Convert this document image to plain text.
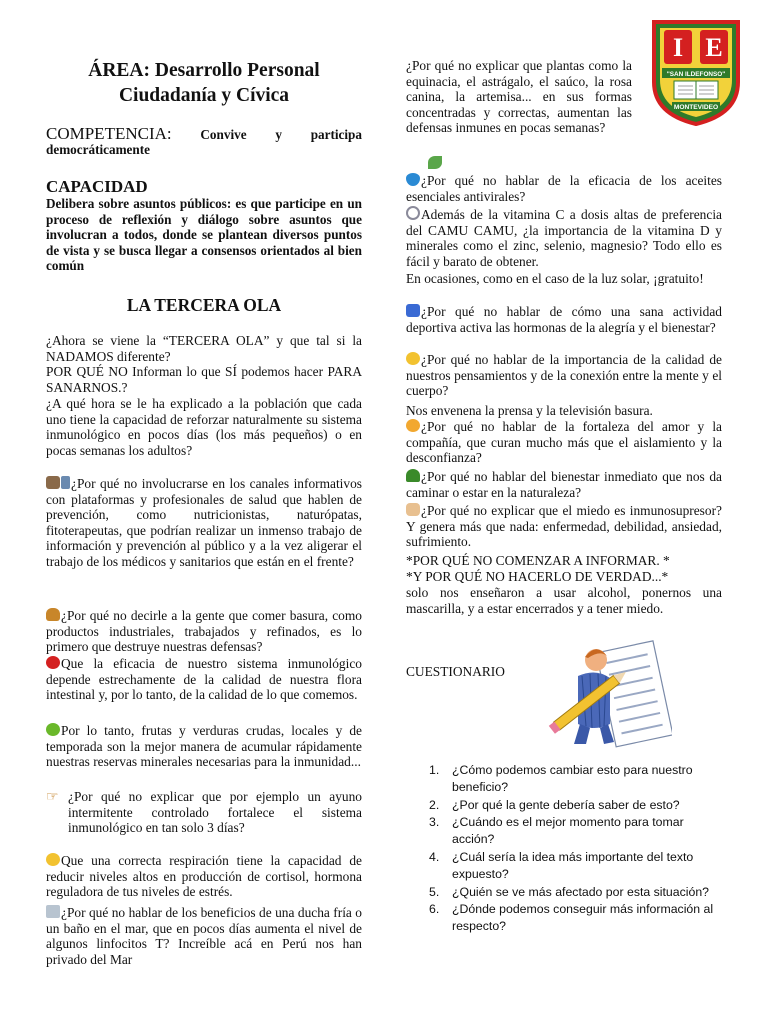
ÁREA: Desarrollo Personal
Ciudadanía y Cívica
COMPETENCIA: Convive y participa democráticamente
CAPACIDAD
Delibera sobre asuntos públicos: es que participe en un proceso de reflexión y diálogo sobre asuntos que involucran a todos, donde se plantean diversos puntos de vista y se busca llegar a consensos orientados al bien común
LA TERCERA OLA

¿Ahora se viene la “TERCERA OLA” y que tal si la NADAMOS diferente?

POR QUÉ NO Informan lo que SÍ podemos hacer PARA SANARNOS.?

¿A qué hora se le ha explicado a la población que cada uno tiene la capacidad de reforzar naturalmente su sistema inmunológico en pocos días (los más pequeños) o en pocas semanas los adultos?

¿Por qué no involucrarse en los canales informativos con plataformas y profesionales de salud que hablen de prevención, como nutricionistas, naturópatas, fitoterapeutas, que podrían realizar un inmenso trabajo de información y prevención al público y a la vez aligerar el trabajo de los médicos y sanitarios que están en el frente?

¿Por qué no decirle a la gente que comer basura, como productos industriales, trabajados y refinados, es lo primero que destruye nuestras defensas?

Que la eficacia de nuestro sistema inmunológico depende estrechamente de la calidad de nuestra flora intestinal y, por lo tanto, de la calidad de lo que comemos.

Por lo tanto, frutas y verduras crudas, locales y de temporada son la mejor manera de acumular rápidamente nuestras reservas minerales necesarias para la inmunidad...

☞ ¿Por qué no explicar que por ejemplo un ayuno intermitente controlado fortalece el sistema inmunológico en tan solo 3 días?

Que una correcta respiración tiene la capacidad de reducir niveles altos en producción de cortisol, hormona reguladora de tus niveles de estrés.

¿Por qué no hablar de los beneficios de una ducha fría o un baño en el mar, que en pocos días aumenta el nivel de algunos linfocitos T? Increíble acá en Perú nos han privado del Mar

I E
"SAN ILDEFONSO"
MONTEVIDEO

¿Por qué no explicar que plantas como la equinacia, el astrágalo, el saúco, la rosa canina, la artemisa... en sus formas concentradas y correctas, aumentan las defensas inmunes en pocas semanas?

¿Por qué no hablar de la eficacia de los aceites esenciales antivirales?

Además de la vitamina C a dosis altas de preferencia del CAMU CAMU, ¿la importancia de la vitamina D y minerales como el zinc, selenio, magnesio? Todo ello es fácil y barato de obtener.

En ocasiones, como en el caso de la luz solar, ¡gratuito!

¿Por qué no hablar de cómo una sana actividad deportiva activa las hormonas de la alegría y el bienestar?

¿Por qué no hablar de la importancia de la calidad de nuestros pensamientos y de la conexión entre la mente y el cuerpo?

Nos envenena la prensa y la televisión basura.

¿Por qué no hablar de la fortaleza del amor y la compañía, que curan mucho más que el aislamiento y la desconfianza?

¿Por qué no hablar del bienestar inmediato que nos da caminar o estar en la naturaleza?

¿Por qué no explicar que el miedo es inmunosupresor? Y genera más que nada: enfermedad, debilidad, ansiedad, sufrimiento.

*POR QUÉ NO COMENZAR A INFORMAR. *

*Y POR QUÉ NO HACERLO DE VERDAD...*

solo nos enseñaron a usar alcohol, ponernos una mascarilla, y a estar encerrados y a tener miedo.

CUESTIONARIO
1. ¿Cómo podemos cambiar esto para nuestro beneficio?
2. ¿Por qué la gente debería saber de esto?
3. ¿Cuándo es el mejor momento para tomar acción?
4. ¿Cuál sería la idea más importante del texto expuesto?
5. ¿Quién se ve más afectado por esta situación?
6. ¿Dónde podemos conseguir más información al respecto?
